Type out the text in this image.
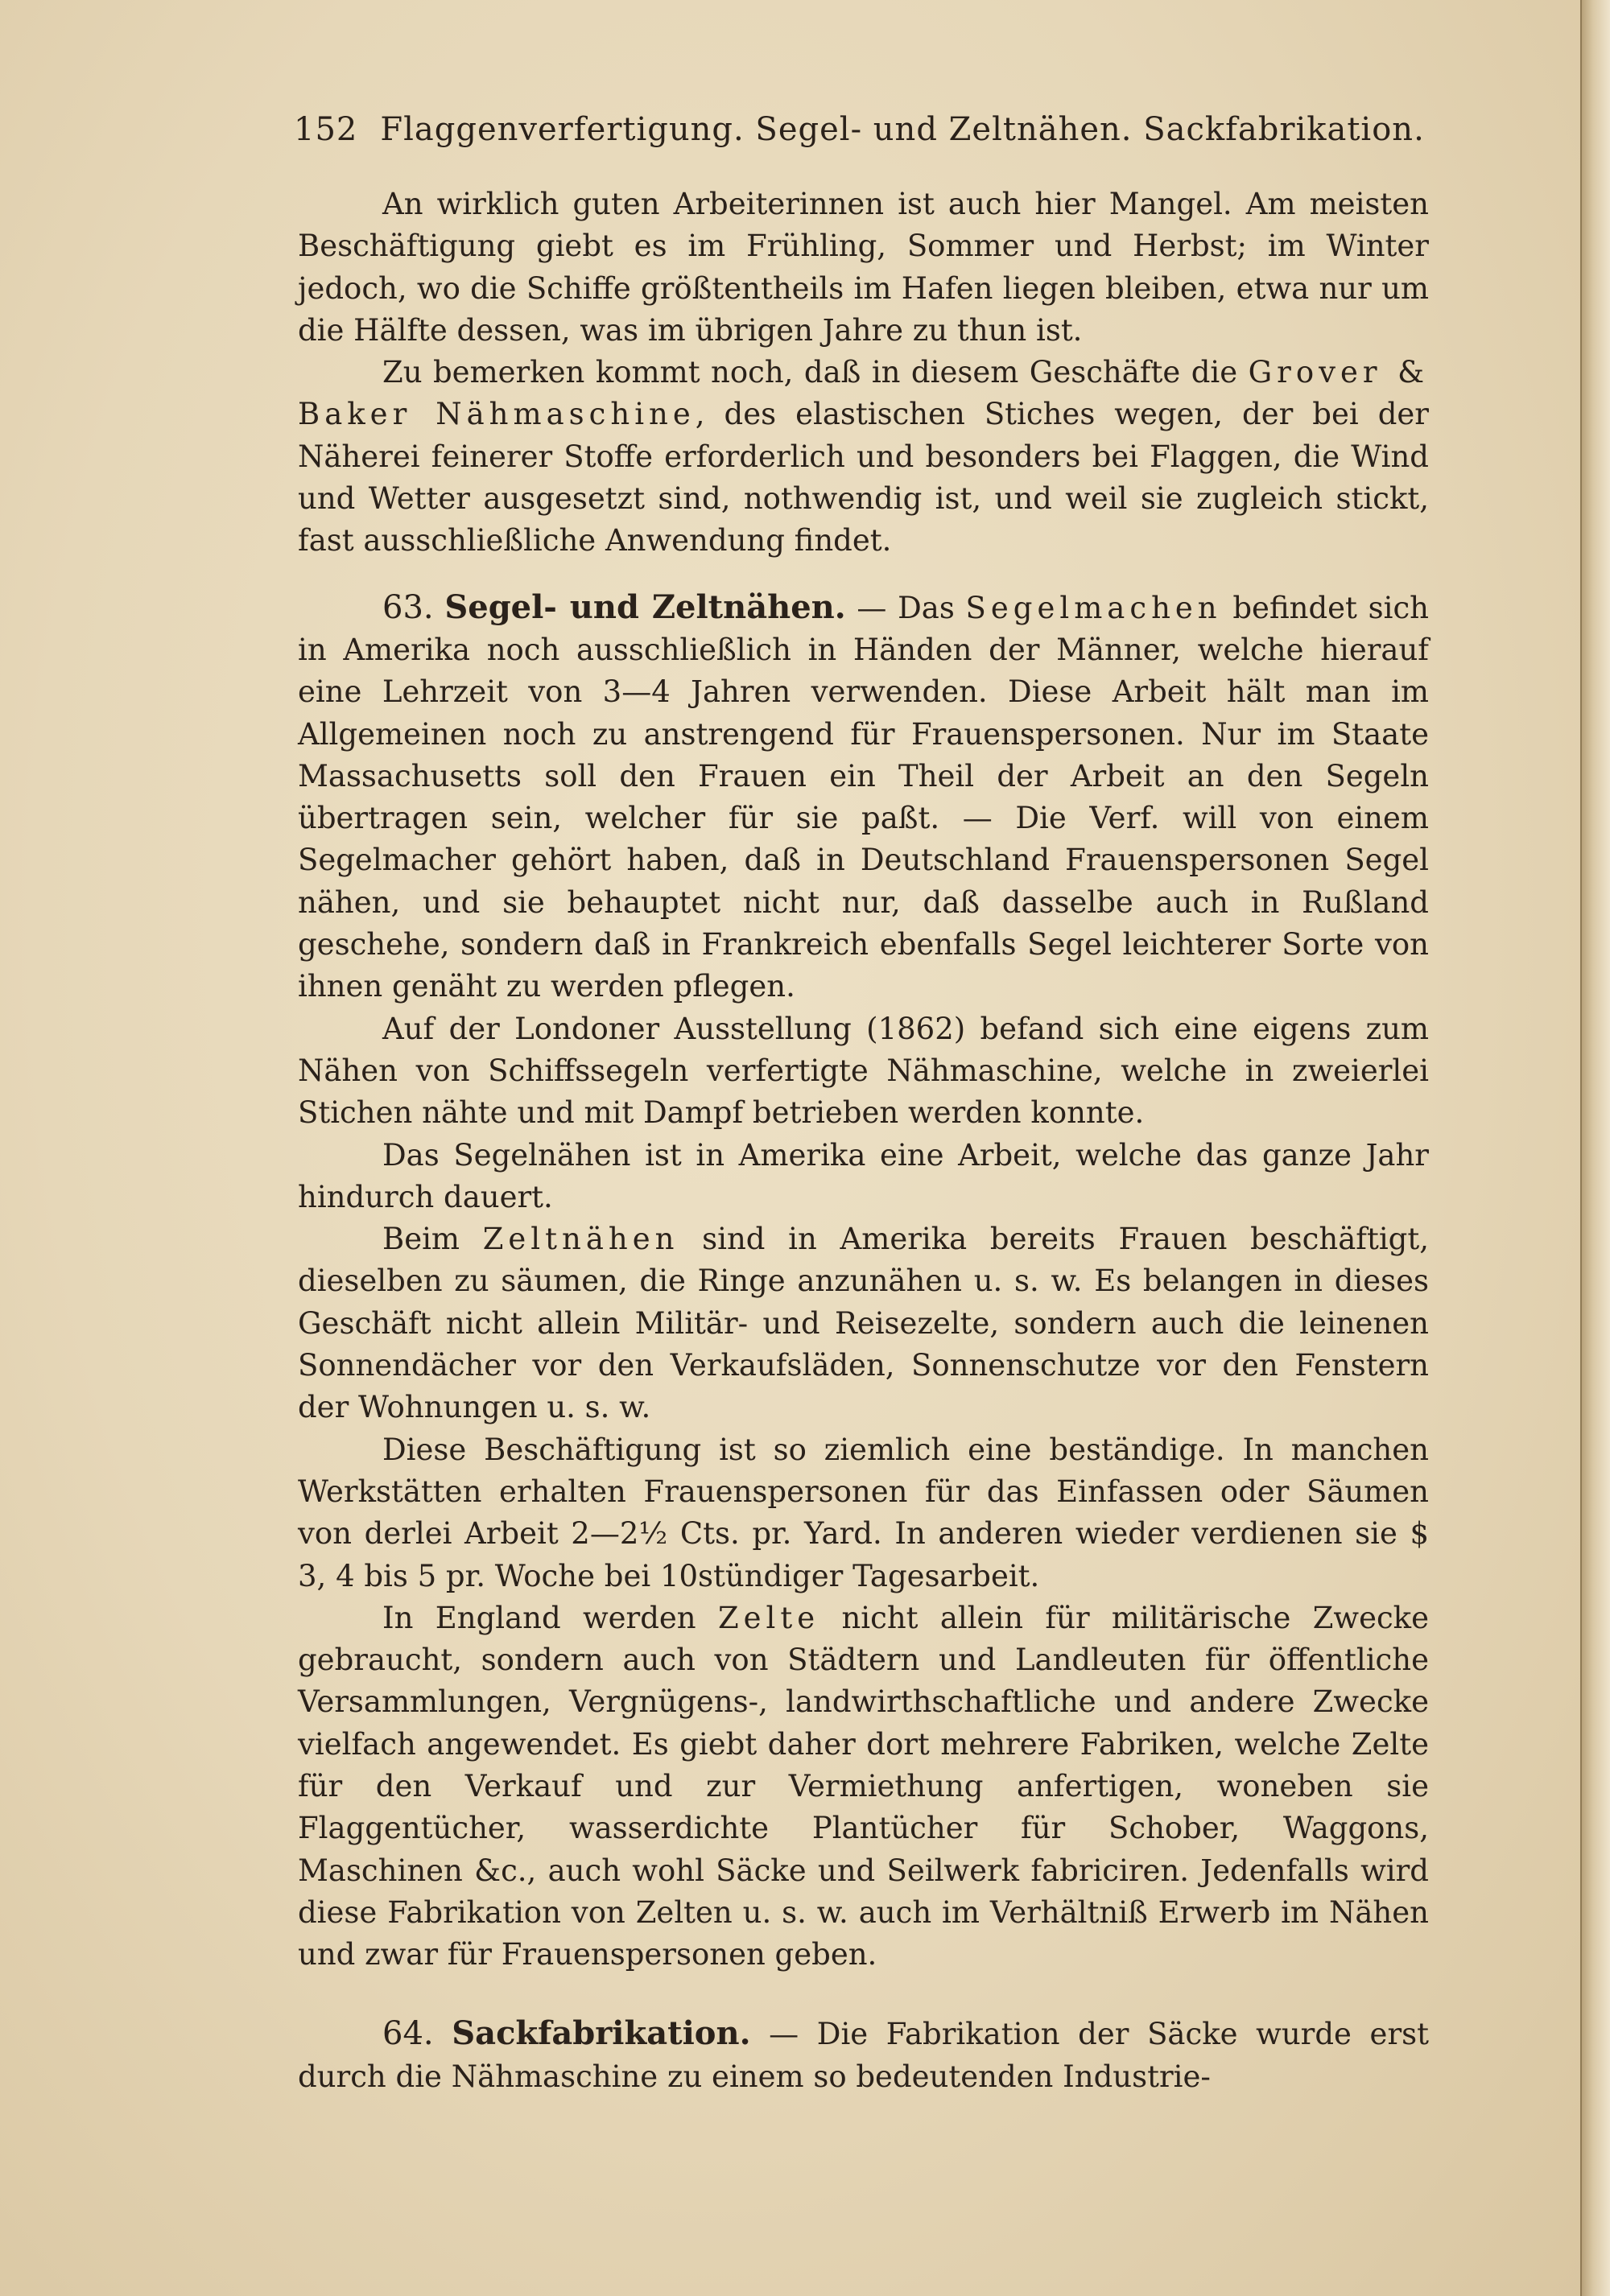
152 Flaggenverfertigung. Segel- und Zeltnähen. Sackfabrikation.

An wirklich guten Arbeiterinnen ist auch hier Mangel. Am meisten Beschäftigung giebt es im Frühling, Sommer und Herbst; im Winter jedoch, wo die Schiffe größtentheils im Hafen liegen bleiben, etwa nur um die Hälfte dessen, was im übrigen Jahre zu thun ist.

Zu bemerken kommt noch, daß in diesem Geschäfte die Grover & Baker Nähmaschine, des elastischen Stiches wegen, der bei der Näherei feinerer Stoffe erforderlich und besonders bei Flaggen, die Wind und Wetter ausgesetzt sind, nothwendig ist, und weil sie zugleich stickt, fast ausschließliche Anwendung findet.

63. Segel- und Zeltnähen. — Das Segelmachen befindet sich in Amerika noch ausschließlich in Händen der Männer, welche hierauf eine Lehrzeit von 3—4 Jahren verwenden. Diese Arbeit hält man im Allgemeinen noch zu anstrengend für Frauenspersonen. Nur im Staate Massachusetts soll den Frauen ein Theil der Arbeit an den Segeln übertragen sein, welcher für sie paßt. — Die Verf. will von einem Segelmacher gehört haben, daß in Deutschland Frauenspersonen Segel nähen, und sie behauptet nicht nur, daß dasselbe auch in Rußland geschehe, sondern daß in Frankreich ebenfalls Segel leichterer Sorte von ihnen genäht zu werden pflegen.

Auf der Londoner Ausstellung (1862) befand sich eine eigens zum Nähen von Schiffssegeln verfertigte Nähmaschine, welche in zweierlei Stichen nähte und mit Dampf betrieben werden konnte.

Das Segelnähen ist in Amerika eine Arbeit, welche das ganze Jahr hindurch dauert.

Beim Zeltnähen sind in Amerika bereits Frauen beschäftigt, dieselben zu säumen, die Ringe anzunähen u. s. w. Es belangen in dieses Geschäft nicht allein Militär- und Reisezelte, sondern auch die leinenen Sonnendächer vor den Verkaufsläden, Sonnenschutze vor den Fenstern der Wohnungen u. s. w.

Diese Beschäftigung ist so ziemlich eine beständige. In manchen Werkstätten erhalten Frauenspersonen für das Einfassen oder Säumen von derlei Arbeit 2—2½ Cts. pr. Yard. In anderen wieder verdienen sie $ 3, 4 bis 5 pr. Woche bei 10stündiger Tagesarbeit.

In England werden Zelte nicht allein für militärische Zwecke gebraucht, sondern auch von Städtern und Landleuten für öffentliche Versammlungen, Vergnügens-, landwirthschaftliche und andere Zwecke vielfach angewendet. Es giebt daher dort mehrere Fabriken, welche Zelte für den Verkauf und zur Vermiethung anfertigen, woneben sie Flaggentücher, wasserdichte Plantücher für Schober, Waggons, Maschinen &c., auch wohl Säcke und Seilwerk fabriciren. Jedenfalls wird diese Fabrikation von Zelten u. s. w. auch im Verhältniß Erwerb im Nähen und zwar für Frauenspersonen geben.

64. Sackfabrikation. — Die Fabrikation der Säcke wurde erst durch die Nähmaschine zu einem so bedeutenden Industrie-
